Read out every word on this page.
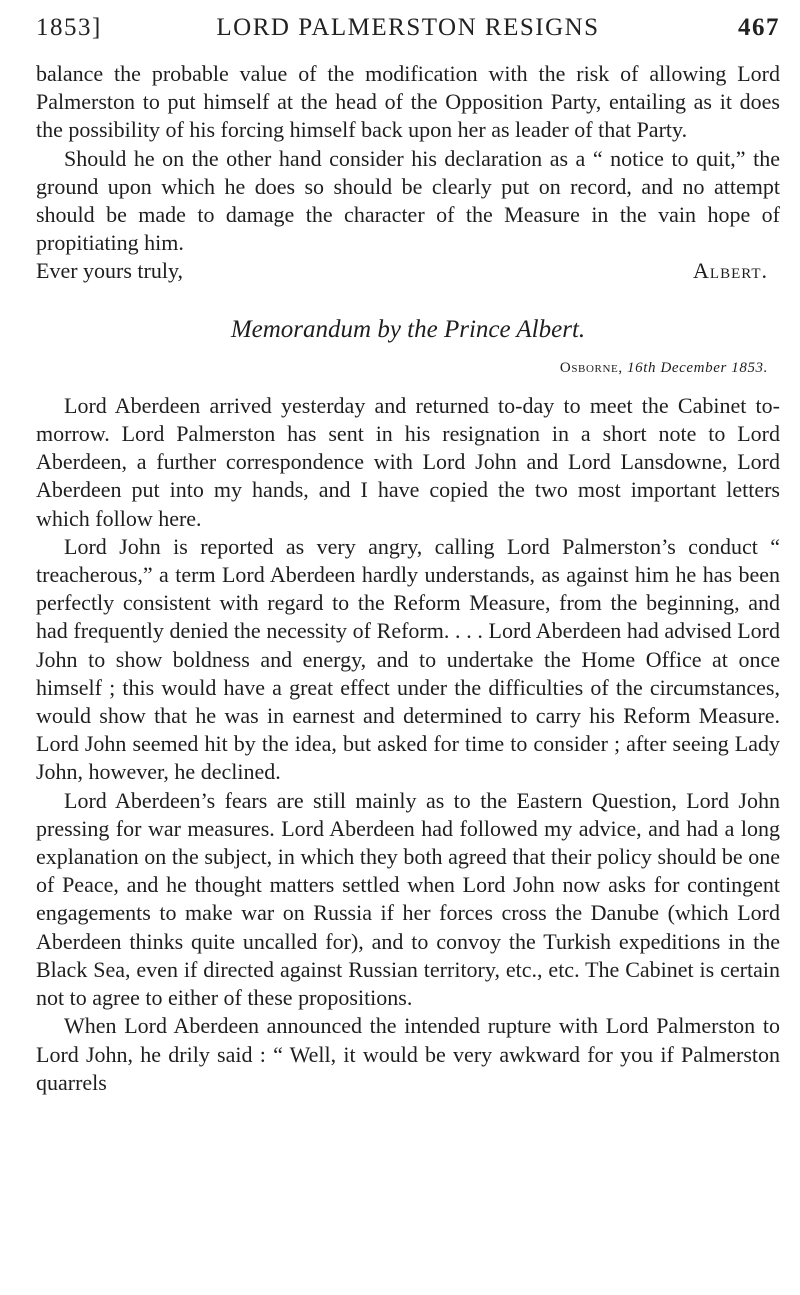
1853]	LORD PALMERSTON RESIGNS	467

balance the probable value of the modification with the risk of allowing Lord Palmerston to put himself at the head of the Opposition Party, entailing as it does the possibility of his forcing himself back upon her as leader of that Party.

Should he on the other hand consider his declaration as a “ notice to quit,” the ground upon which he does so should be clearly put on record, and no attempt should be made to damage the character of the Measure in the vain hope of propitiating him.

Ever yours truly,	Albert.
Memorandum by the Prince Albert.
Osborne, 16th December 1853.

Lord Aberdeen arrived yesterday and returned to-day to meet the Cabinet to-morrow. Lord Palmerston has sent in his resignation in a short note to Lord Aberdeen, a further correspondence with Lord John and Lord Lansdowne, Lord Aberdeen put into my hands, and I have copied the two most important letters which follow here.

Lord John is reported as very angry, calling Lord Palmerston’s conduct “ treacherous,” a term Lord Aberdeen hardly understands, as against him he has been perfectly consistent with regard to the Reform Measure, from the beginning, and had frequently denied the necessity of Reform. . . . Lord Aberdeen had advised Lord John to show boldness and energy, and to undertake the Home Office at once himself ; this would have a great effect under the difficulties of the circumstances, would show that he was in earnest and determined to carry his Reform Measure. Lord John seemed hit by the idea, but asked for time to consider ; after seeing Lady John, however, he declined.

Lord Aberdeen’s fears are still mainly as to the Eastern Question, Lord John pressing for war measures. Lord Aberdeen had followed my advice, and had a long explanation on the subject, in which they both agreed that their policy should be one of Peace, and he thought matters settled when Lord John now asks for contingent engagements to make war on Russia if her forces cross the Danube (which Lord Aberdeen thinks quite uncalled for), and to convoy the Turkish expeditions in the Black Sea, even if directed against Russian territory, etc., etc. The Cabinet is certain not to agree to either of these propositions.

When Lord Aberdeen announced the intended rupture with Lord Palmerston to Lord John, he drily said : “ Well, it would be very awkward for you if Palmerston quarrels
